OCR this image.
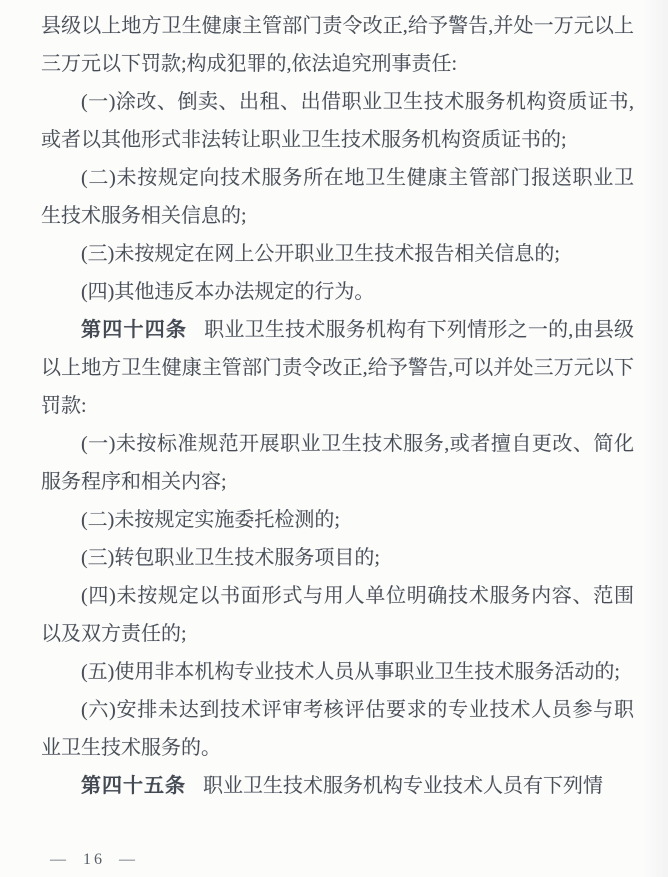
县级以上地方卫生健康主管部门责令改正,给予警告,并处一万元以上三万元以下罚款;构成犯罪的,依法追究刑事责任:

(一)涂改、倒卖、出租、出借职业卫生技术服务机构资质证书,或者以其他形式非法转让职业卫生技术服务机构资质证书的;

(二)未按规定向技术服务所在地卫生健康主管部门报送职业卫生技术服务相关信息的;

(三)未按规定在网上公开职业卫生技术报告相关信息的;

(四)其他违反本办法规定的行为。

第四十四条 职业卫生技术服务机构有下列情形之一的,由县级以上地方卫生健康主管部门责令改正,给予警告,可以并处三万元以下罚款:

(一)未按标准规范开展职业卫生技术服务,或者擅自更改、简化服务程序和相关内容;

(二)未按规定实施委托检测的;

(三)转包职业卫生技术服务项目的;

(四)未按规定以书面形式与用人单位明确技术服务内容、范围以及双方责任的;

(五)使用非本机构专业技术人员从事职业卫生技术服务活动的;

(六)安排未达到技术评审考核评估要求的专业技术人员参与职业卫生技术服务的。

第四十五条 职业卫生技术服务机构专业技术人员有下列情

— 16 —
